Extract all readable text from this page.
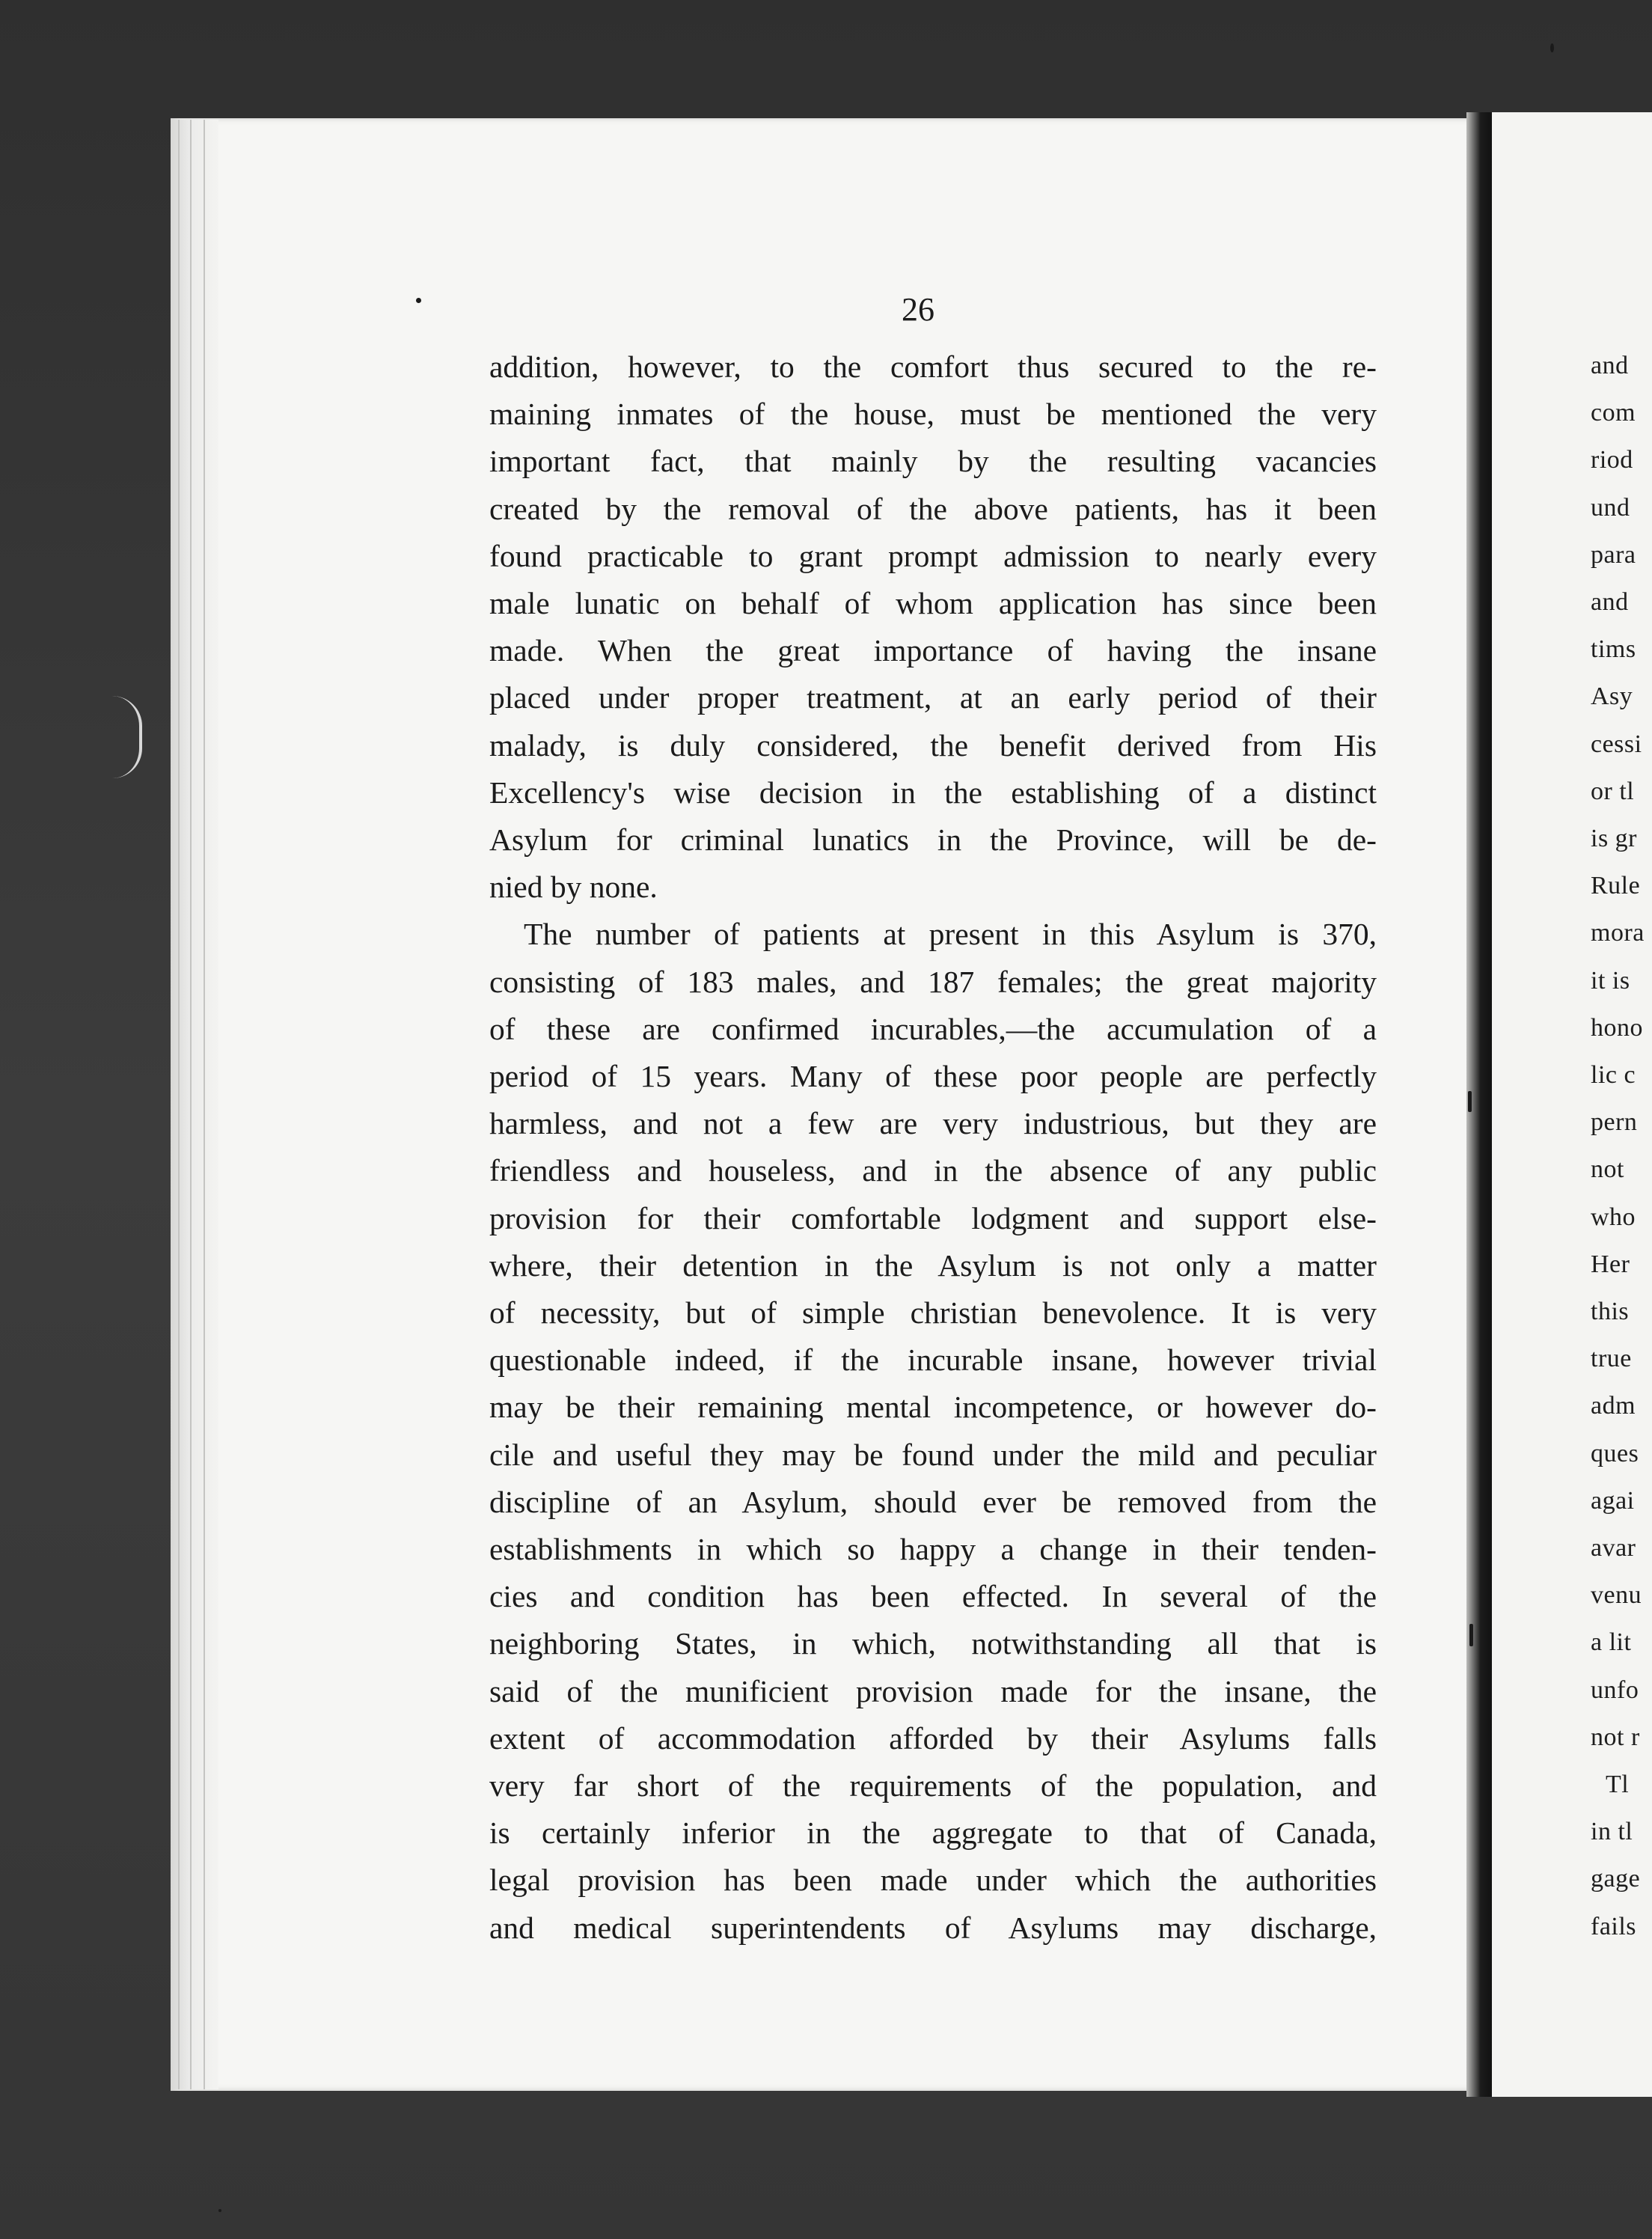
26
addition, however, to the comfort thus secured to the re-
maining inmates of the house, must be mentioned the very
important fact, that mainly by the resulting vacancies
created by the removal of the above patients, has it been
found practicable to grant prompt admission to nearly every
male lunatic on behalf of whom application has since been
made. When the great importance of having the insane
placed under proper treatment, at an early period of their
malady, is duly considered, the benefit derived from His
Excellency's wise decision in the establishing of a distinct
Asylum for criminal lunatics in the Province, will be de-
nied by none.
The number of patients at present in this Asylum is 370,
consisting of 183 males, and 187 females; the great majority
of these are confirmed incurables,—the accumulation of a
period of 15 years. Many of these poor people are perfectly
harmless, and not a few are very industrious, but they are
friendless and houseless, and in the absence of any public
provision for their comfortable lodgment and support else-
where, their detention in the Asylum is not only a matter
of necessity, but of simple christian benevolence. It is very
questionable indeed, if the incurable insane, however trivial
may be their remaining mental incompetence, or however do-
cile and useful they may be found under the mild and peculiar
discipline of an Asylum, should ever be removed from the
establishments in which so happy a change in their tenden-
cies and condition has been effected. In several of the
neighboring States, in which, notwithstanding all that is
said of the munificient provision made for the insane, the
extent of accommodation afforded by their Asylums falls
very far short of the requirements of the population, and
is certainly inferior in the aggregate to that of Canada,
legal provision has been made under which the authorities
and medical superintendents of Asylums may discharge,
and
com
riod
und
para
and
tims
Asy
cessi
or tl
is gr
Rule
mora
it is
hono
lic c
pern
not
who
Her
this
true
adm
ques
agai
avar
venu
a lit
unfo
not r
Tl
in tl
gage
fails
